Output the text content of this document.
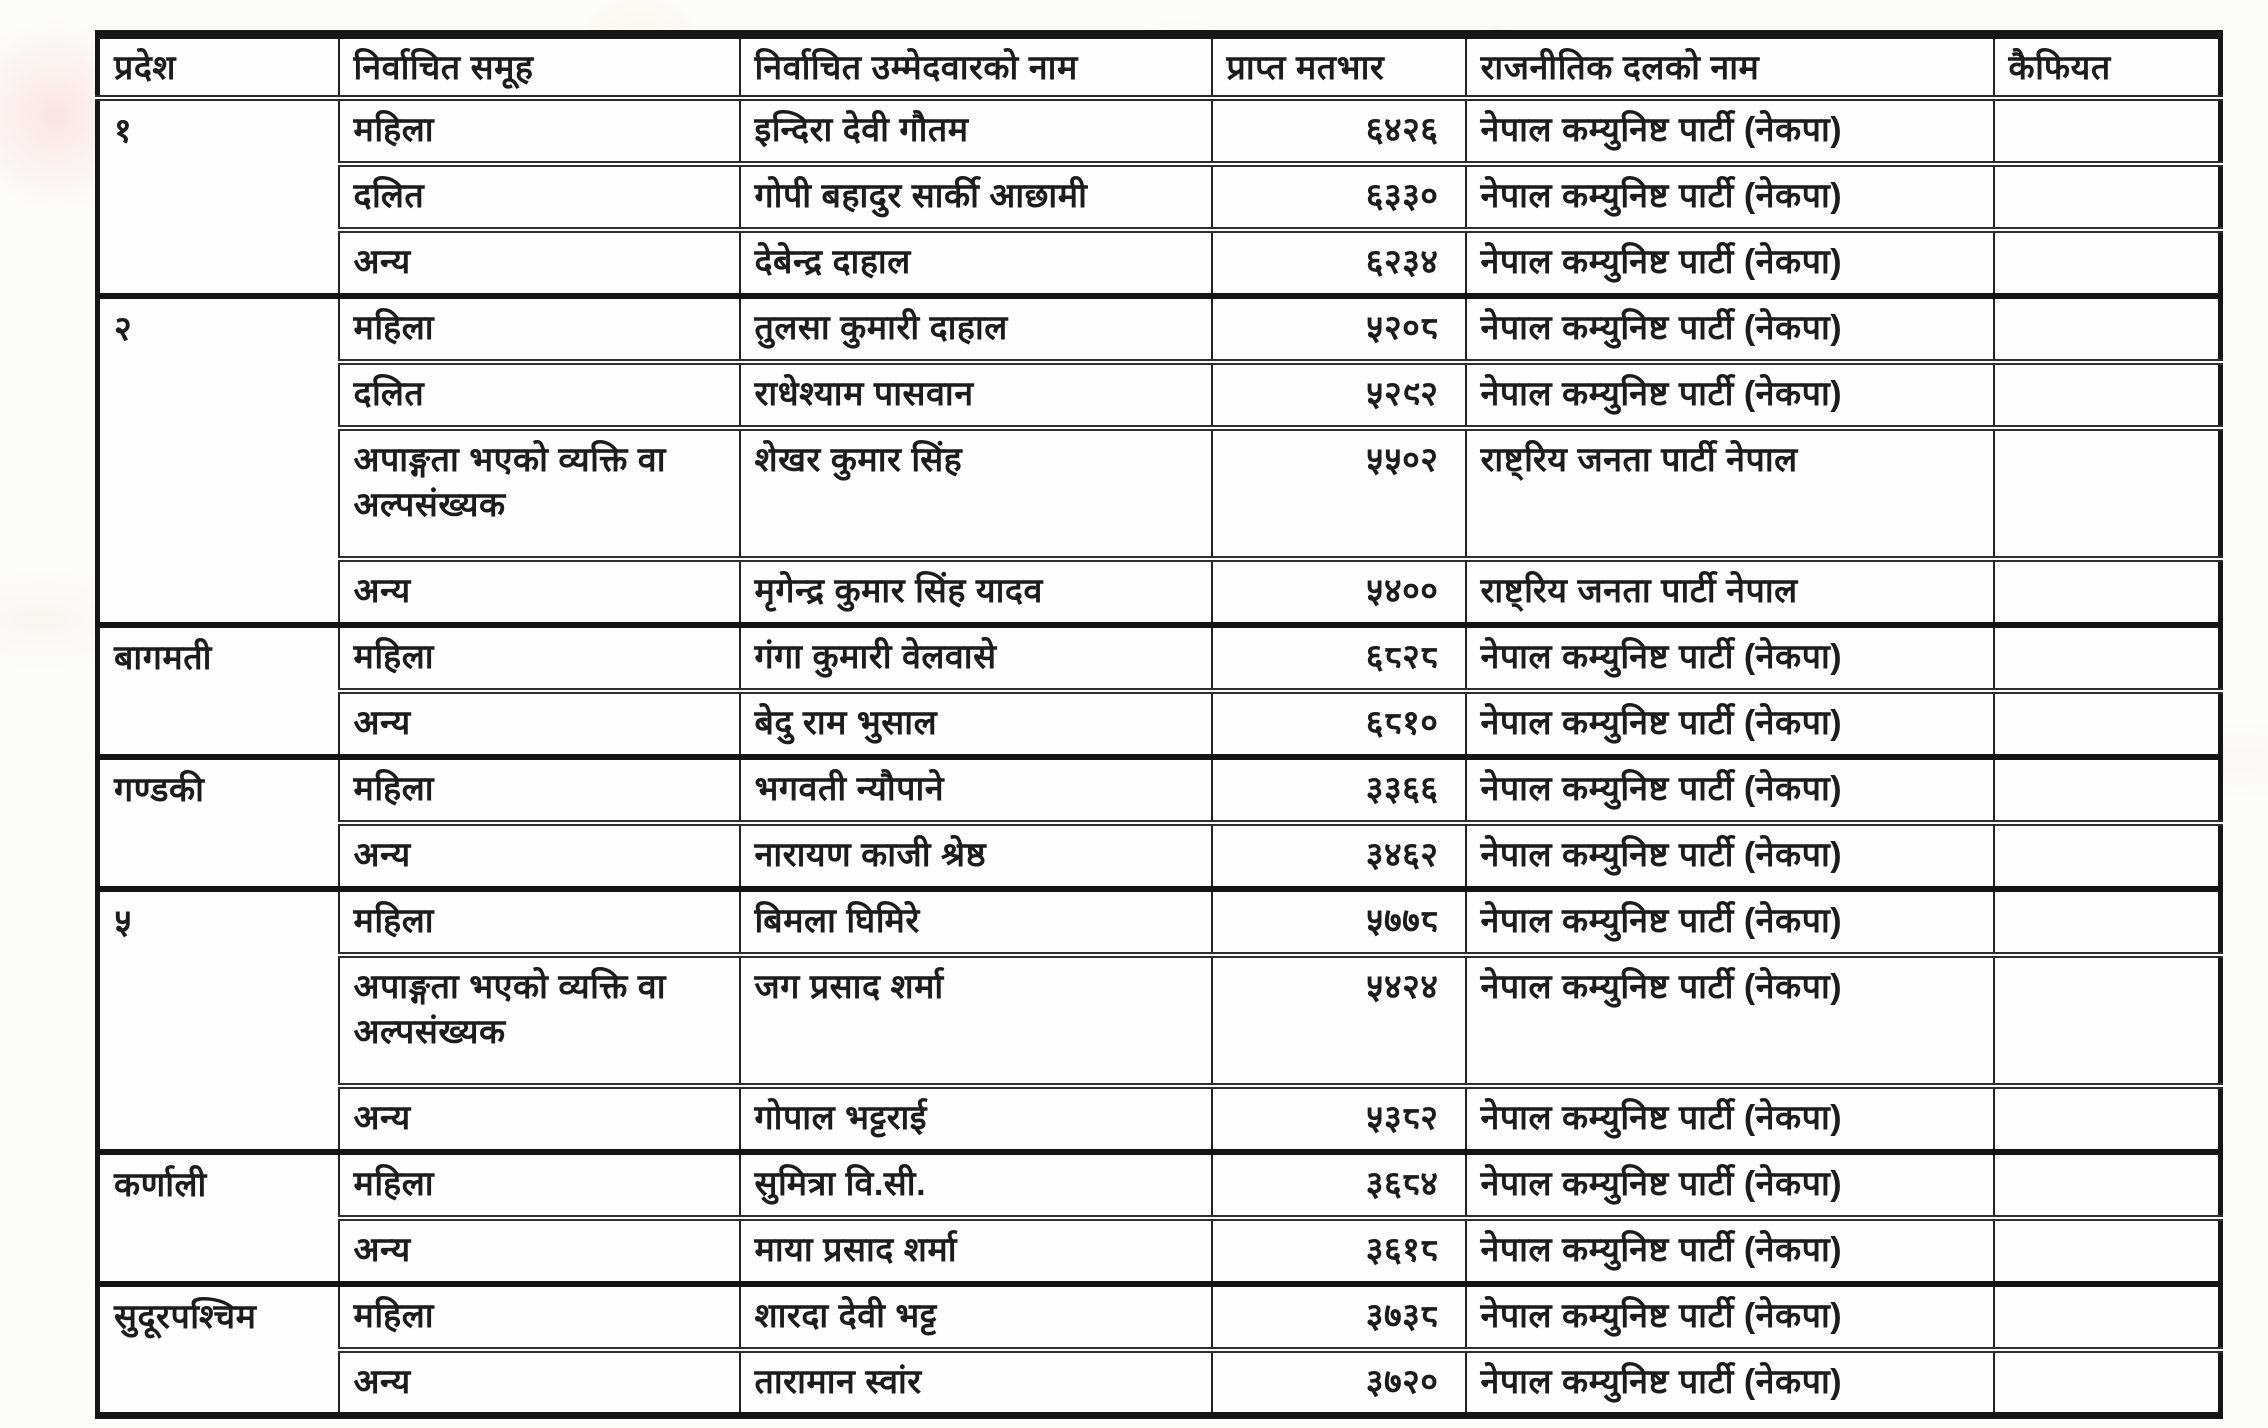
प्रदेश	निर्वाचित समूह	निर्वाचित उम्मेदवारको नाम	प्राप्त मतभार	राजनीतिक दलको नाम	कैफियत
१	महिला	इन्दिरा देवी गौतम	६४२६	नेपाल कम्युनिष्ट पार्टी (नेकपा)	
	दलित	गोपी बहादुर सार्की आछामी	६३३०	नेपाल कम्युनिष्ट पार्टी (नेकपा)	
	अन्य	देबेन्द्र दाहाल	६२३४	नेपाल कम्युनिष्ट पार्टी (नेकपा)	
२	महिला	तुलसा कुमारी दाहाल	५२०८	नेपाल कम्युनिष्ट पार्टी (नेकपा)	
	दलित	राधेश्याम पासवान	५२९२	नेपाल कम्युनिष्ट पार्टी (नेकपा)	
	अपाङ्गता भएको व्यक्ति वा अल्पसंख्यक	शेखर कुमार सिंह	५५०२	राष्ट्रिय जनता पार्टी नेपाल	
	अन्य	मृगेन्द्र कुमार सिंह यादव	५४००	राष्ट्रिय जनता पार्टी नेपाल	
बागमती	महिला	गंगा कुमारी वेलवासे	६८२८	नेपाल कम्युनिष्ट पार्टी (नेकपा)	
	अन्य	बेदु राम भुसाल	६८१०	नेपाल कम्युनिष्ट पार्टी (नेकपा)	
गण्डकी	महिला	भगवती न्यौपाने	३३६६	नेपाल कम्युनिष्ट पार्टी (नेकपा)	
	अन्य	नारायण काजी श्रेष्ठ	३४६२	नेपाल कम्युनिष्ट पार्टी (नेकपा)	
५	महिला	बिमला घिमिरे	५७७८	नेपाल कम्युनिष्ट पार्टी (नेकपा)	
	अपाङ्गता भएको व्यक्ति वा अल्पसंख्यक	जग प्रसाद शर्मा	५४२४	नेपाल कम्युनिष्ट पार्टी (नेकपा)	
	अन्य	गोपाल भट्टराई	५३८२	नेपाल कम्युनिष्ट पार्टी (नेकपा)	
कर्णाली	महिला	सुमित्रा वि.सी.	३६८४	नेपाल कम्युनिष्ट पार्टी (नेकपा)	
	अन्य	माया प्रसाद शर्मा	३६१८	नेपाल कम्युनिष्ट पार्टी (नेकपा)	
सुदूरपश्चिम	महिला	शारदा देवी भट्ट	३७३८	नेपाल कम्युनिष्ट पार्टी (नेकपा)	
	अन्य	तारामान स्वांर	३७२०	नेपाल कम्युनिष्ट पार्टी (नेकपा)	
